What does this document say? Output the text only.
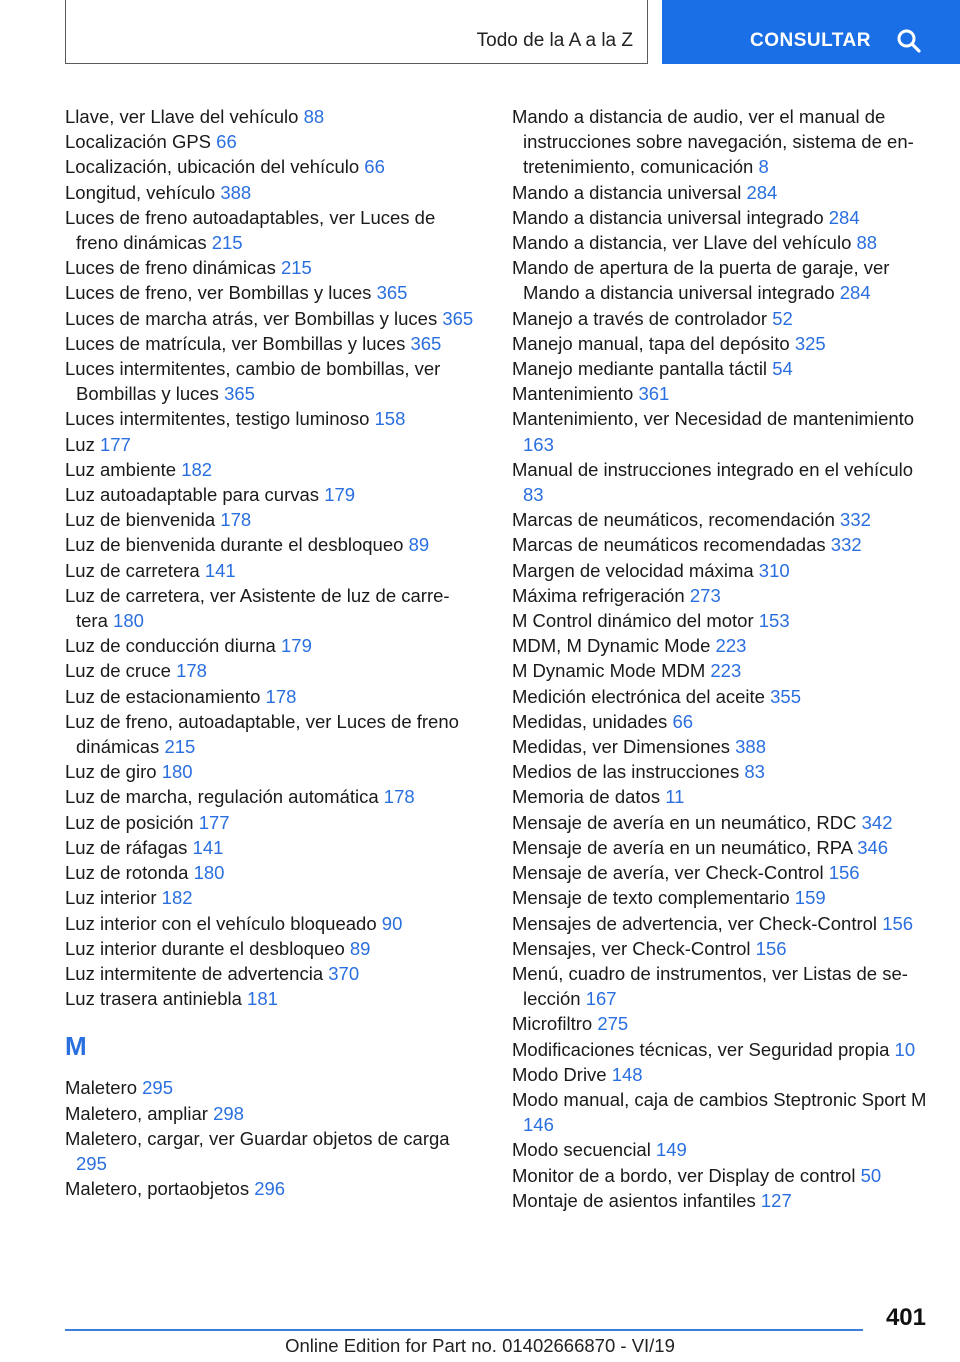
Todo de la A a la Z	CONSULTAR

Llave, ver Llave del vehículo 88

Localización GPS 66

Localización, ubicación del vehículo 66

Longitud, vehículo 388

Luces de freno autoadaptables, ver Luces de freno dinámicas 215

Luces de freno dinámicas 215

Luces de freno, ver Bombillas y luces 365

Luces de marcha atrás, ver Bombillas y luces 365

Luces de matrícula, ver Bombillas y luces 365

Luces intermitentes, cambio de bombillas, ver Bombillas y luces 365

Luces intermitentes, testigo luminoso 158

Luz 177

Luz ambiente 182

Luz autoadaptable para curvas 179

Luz de bienvenida 178

Luz de bienvenida durante el desbloqueo 89

Luz de carretera 141

Luz de carretera, ver Asistente de luz de carretera 180

Luz de conducción diurna 179

Luz de cruce 178

Luz de estacionamiento 178

Luz de freno, autoadaptable, ver Luces de freno dinámicas 215

Luz de giro 180

Luz de marcha, regulación automática 178

Luz de posición 177

Luz de ráfagas 141

Luz de rotonda 180

Luz interior 182

Luz interior con el vehículo bloqueado 90

Luz interior durante el desbloqueo 89

Luz intermitente de advertencia 370

Luz trasera antiniebla 181

M

Maletero 295

Maletero, ampliar 298

Maletero, cargar, ver Guardar objetos de carga 295

Maletero, portaobjetos 296

Mando a distancia de audio, ver el manual de instrucciones sobre navegación, sistema de entretenimiento, comunicación 8

Mando a distancia universal 284

Mando a distancia universal integrado 284

Mando a distancia, ver Llave del vehículo 88

Mando de apertura de la puerta de garaje, ver Mando a distancia universal integrado 284

Manejo a través de controlador 52

Manejo manual, tapa del depósito 325

Manejo mediante pantalla táctil 54

Mantenimiento 361

Mantenimiento, ver Necesidad de mantenimiento 163

Manual de instrucciones integrado en el vehículo 83

Marcas de neumáticos, recomendación 332

Marcas de neumáticos recomendadas 332

Margen de velocidad máxima 310

Máxima refrigeración 273

M Control dinámico del motor 153

MDM, M Dynamic Mode 223

M Dynamic Mode MDM 223

Medición electrónica del aceite 355

Medidas, unidades 66

Medidas, ver Dimensiones 388

Medios de las instrucciones 83

Memoria de datos 11

Mensaje de avería en un neumático, RDC 342

Mensaje de avería en un neumático, RPA 346

Mensaje de avería, ver Check-Control 156

Mensaje de texto complementario 159

Mensajes de advertencia, ver Check-Control 156

Mensajes, ver Check-Control 156

Menú, cuadro de instrumentos, ver Listas de selección 167

Microfiltro 275

Modificaciones técnicas, ver Seguridad propia 10

Modo Drive 148

Modo manual, caja de cambios Steptronic Sport M 146

Modo secuencial 149

Monitor de a bordo, ver Display de control 50

Montaje de asientos infantiles 127

401
Online Edition for Part no. 01402666870 - VI/19
